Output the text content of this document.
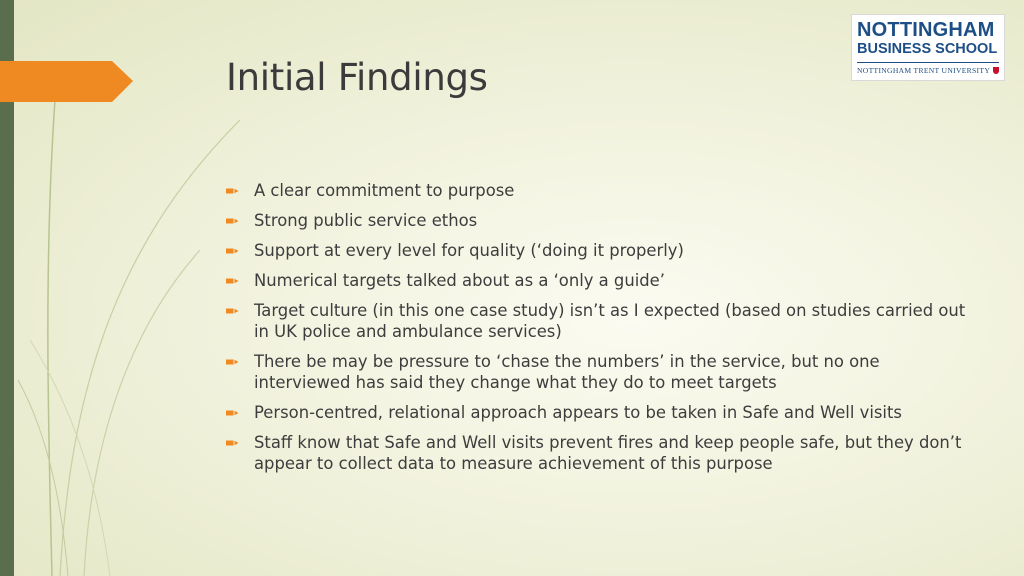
Initial Findings
NOTTINGHAM
BUSINESS SCHOOL
NOTTINGHAM TRENT UNIVERSITY
A clear commitment to purpose
Strong public service ethos
Support at every level for quality (‘doing it properly)
Numerical targets talked about as a ‘only a guide’
Target culture (in this one case study) isn’t as I expected (based on studies carried out in UK police and ambulance services)
There be may be pressure to ‘chase the numbers’ in the service, but no one interviewed has said they change what they do to meet targets
Person-centred, relational approach appears to be taken in Safe and Well visits
Staff know that Safe and Well visits prevent fires and keep people safe, but they don’t appear to collect data to measure achievement of this purpose
